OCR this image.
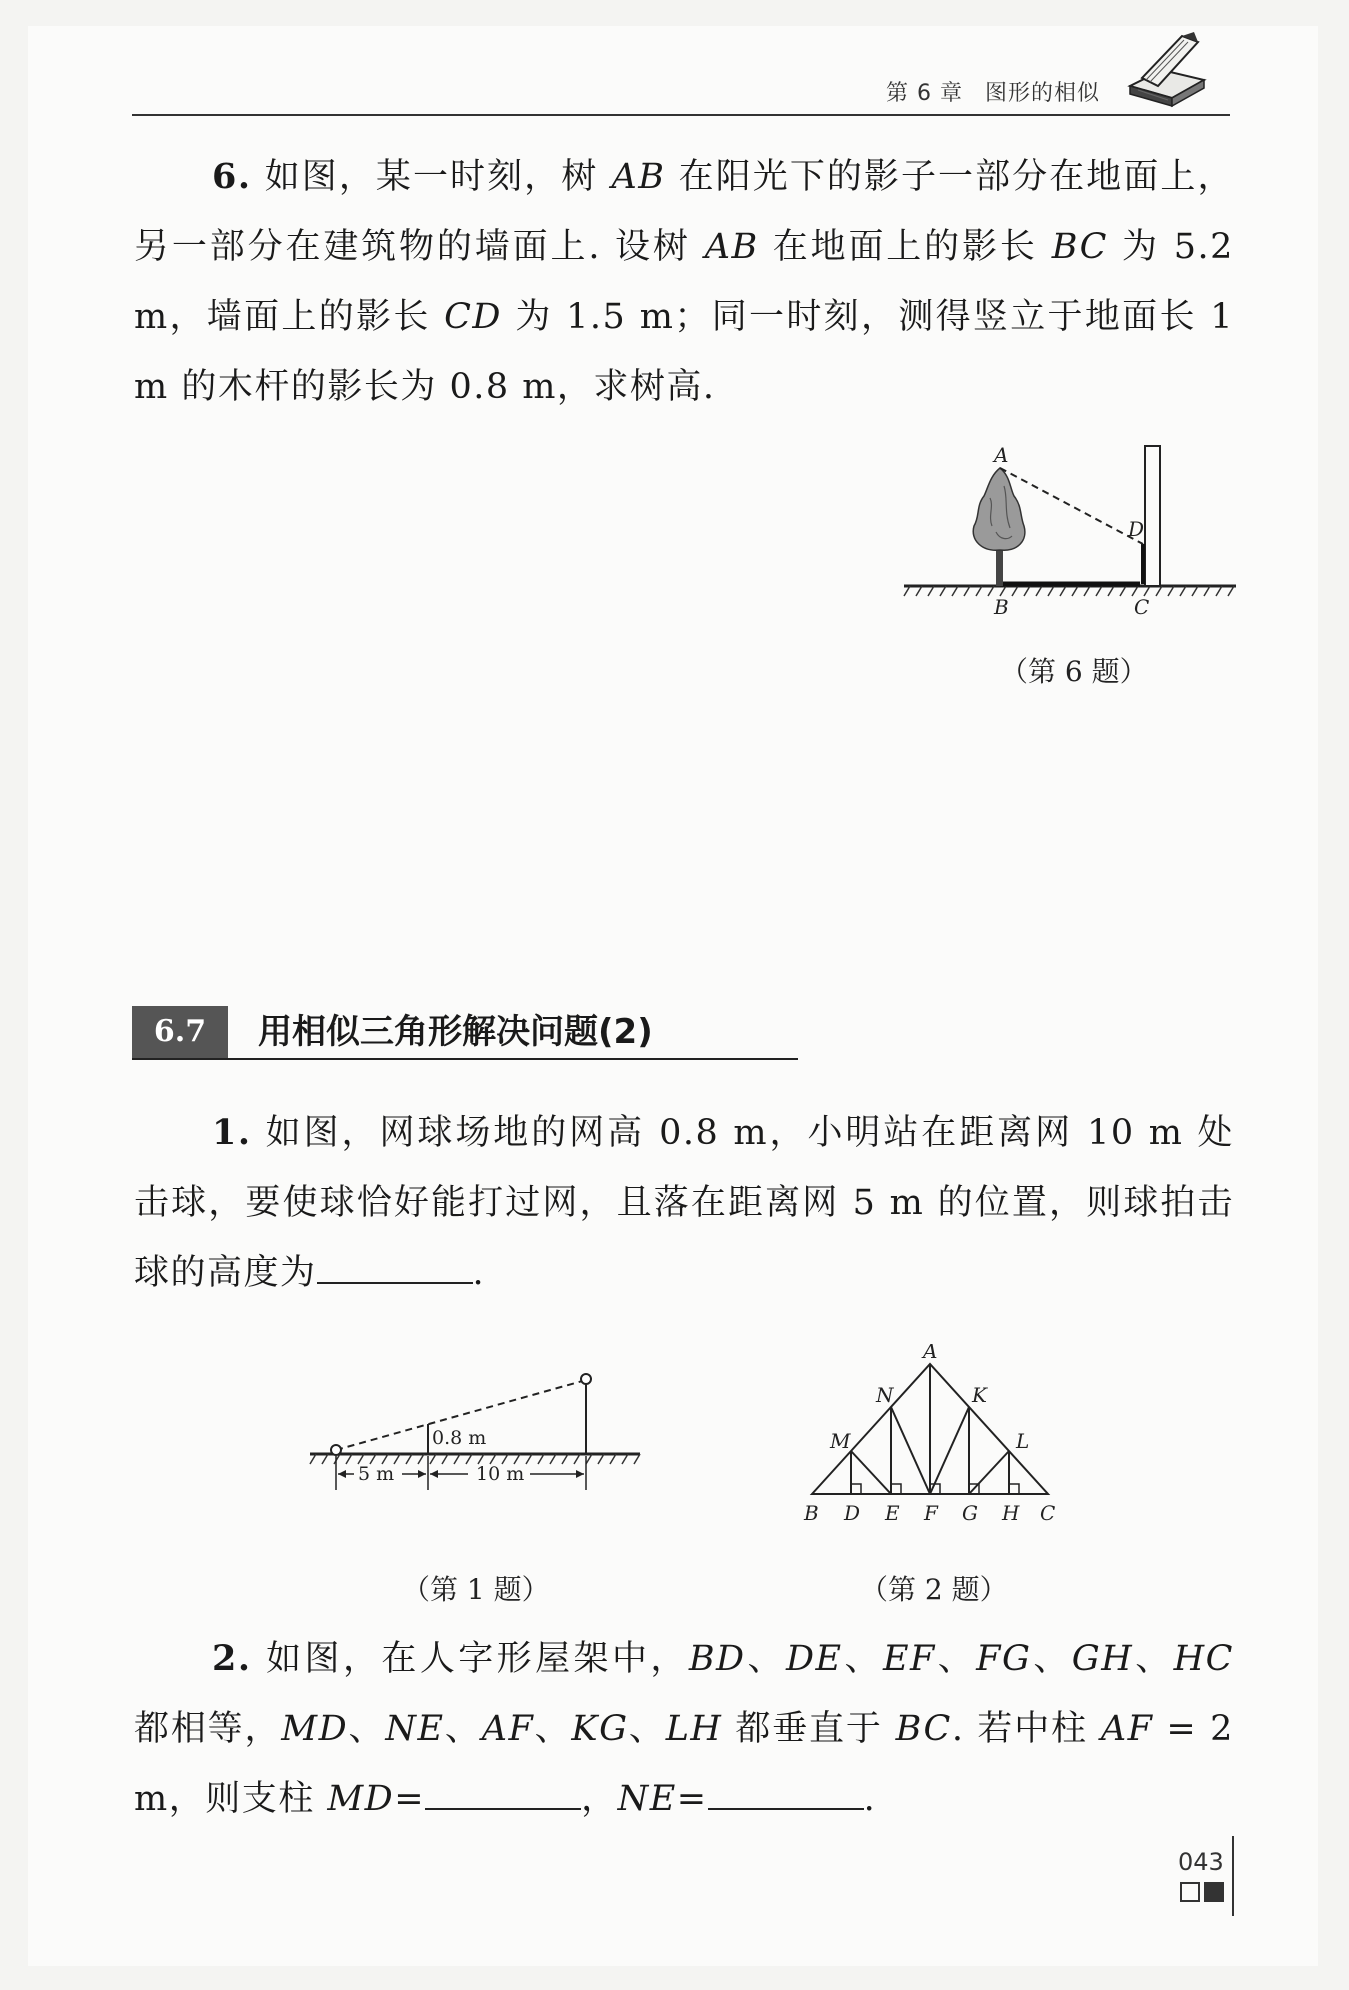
第 6 章 图形的相似
6. 如图，某一时刻，树 AB 在阳光下的影子一部分在地面上，另一部分在建筑物的墙面上. 设树 AB 在地面上的影长 BC 为 5.2 m，墙面上的影长 CD 为 1.5 m；同一时刻，测得竖立于地面长 1 m 的木杆的影长为 0.8 m，求树高.
A
D
B	C
（第 6 题）
6.7	用相似三角形解决问题(2)
1. 如图，网球场地的网高 0.8 m，小明站在距离网 10 m 处击球，要使球恰好能打过网，且落在距离网 5 m 的位置，则球拍击球的高度为	.
0.8 m
5 m	10 m
（第 1 题）
A
N	K
M	L
B D E F G H C
（第 2 题）
2. 如图，在人字形屋架中，BD、DE、EF、FG、GH、HC 都相等，MD、NE、AF、KG、LH 都垂直于 BC. 若中柱 AF = 2 m，则支柱 MD=	，NE=	.
043
